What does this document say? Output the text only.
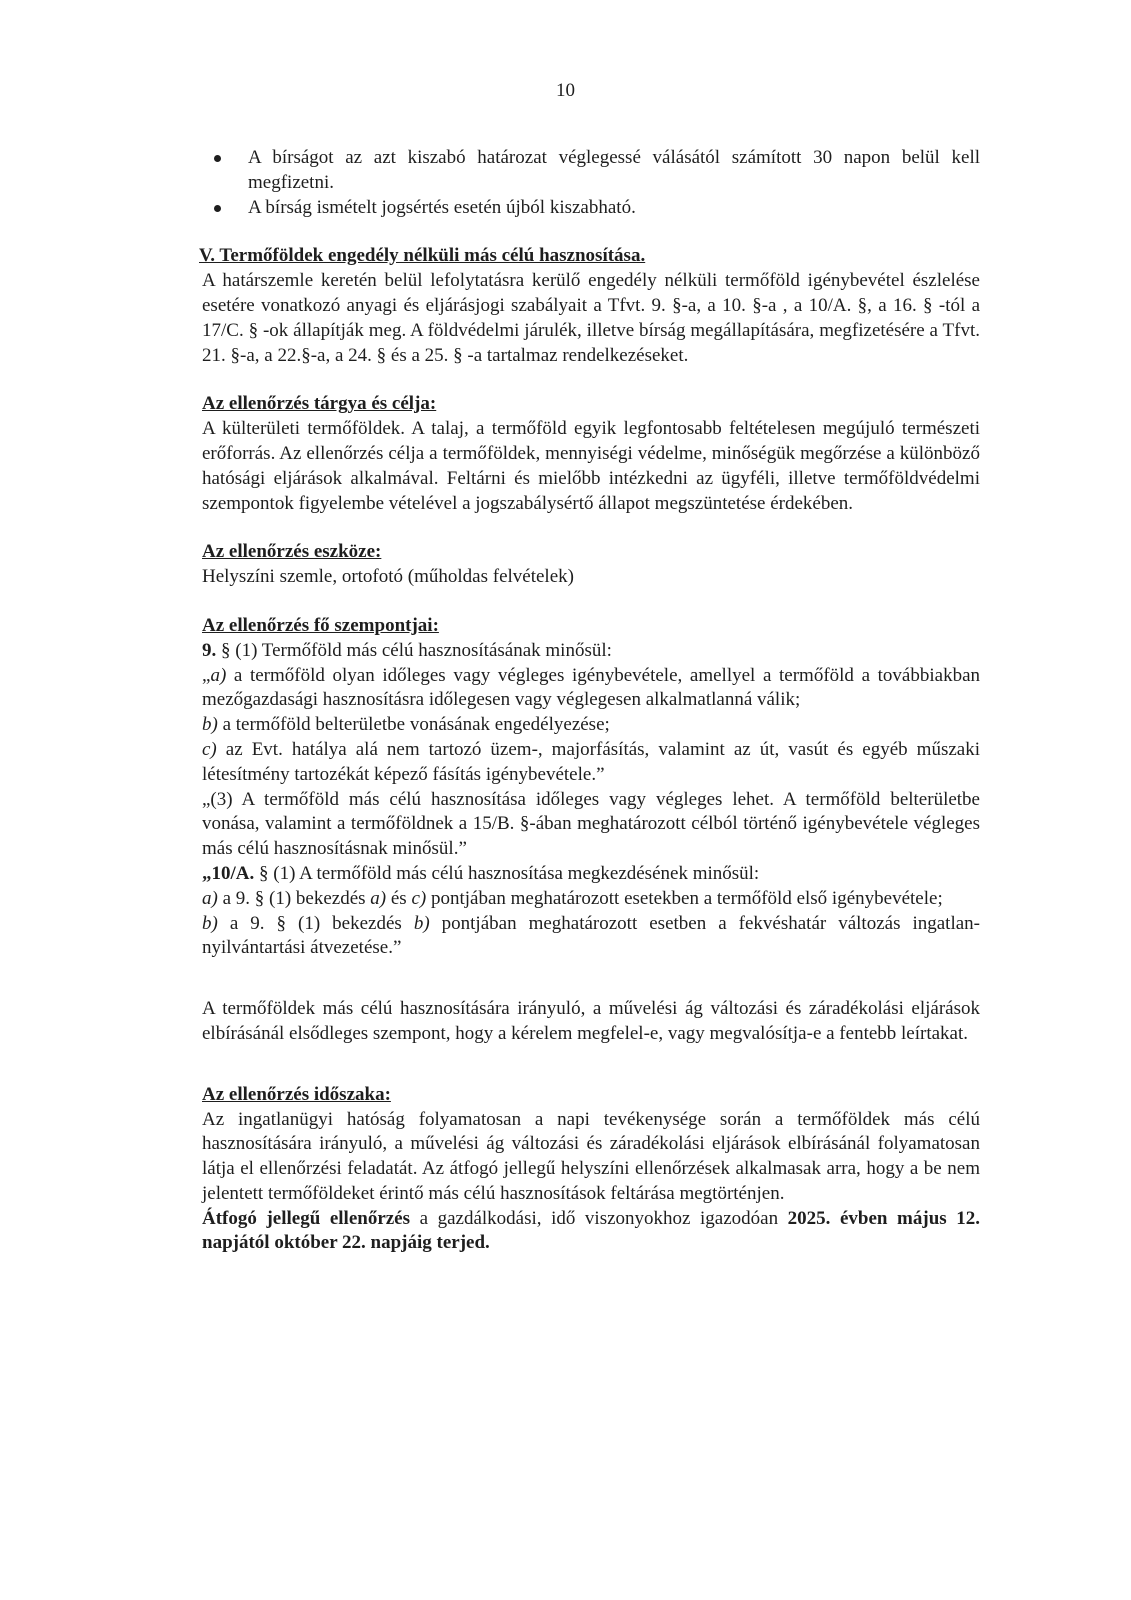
10
A bírságot az azt kiszabó határozat véglegessé válásától számított 30 napon belül kell megfizetni.
A bírság ismételt jogsértés esetén újból kiszabható.

V. Termőföldek engedély nélküli más célú hasznosítása.

A határszemle keretén belül lefolytatásra kerülő engedély nélküli termőföld igénybevétel észlelése esetére vonatkozó anyagi és eljárásjogi szabályait a Tfvt. 9. §-a, a 10. §-a , a 10/A. §, a 16. § -tól a 17/C. § -ok állapítják meg. A földvédelmi járulék, illetve bírság megállapítására, megfizetésére a Tfvt. 21. §-a, a 22.§-a, a 24. § és a 25. § -a tartalmaz rendelkezéseket.

Az ellenőrzés tárgya és célja:

A külterületi termőföldek. A talaj, a termőföld egyik legfontosabb feltételesen megújuló természeti erőforrás. Az ellenőrzés célja a termőföldek, mennyiségi védelme, minőségük megőrzése a különböző hatósági eljárások alkalmával. Feltárni és mielőbb intézkedni az ügyféli, illetve termőföldvédelmi szempontok figyelembe vételével a jogszabálysértő állapot megszüntetése érdekében.

Az ellenőrzés eszköze:

Helyszíni szemle, ortofotó (műholdas felvételek)

Az ellenőrzés fő szempontjai:

9. § (1) Termőföld más célú hasznosításának minősül:

„a) a termőföld olyan időleges vagy végleges igénybevétele, amellyel a termőföld a továbbiakban mezőgazdasági hasznosításra időlegesen vagy véglegesen alkalmatlanná válik;

b) a termőföld belterületbe vonásának engedélyezése;

c) az Evt. hatálya alá nem tartozó üzem-, majorfásítás, valamint az út, vasút és egyéb műszaki létesítmény tartozékát képező fásítás igénybevétele.”

„(3) A termőföld más célú hasznosítása időleges vagy végleges lehet. A termőföld belterületbe vonása, valamint a termőföldnek a 15/B. §-ában meghatározott célból történő igénybevétele végleges más célú hasznosításnak minősül.”

„10/A. § (1) A termőföld más célú hasznosítása megkezdésének minősül:

a) a 9. § (1) bekezdés a) és c) pontjában meghatározott esetekben a termőföld első igénybevétele;

b) a 9. § (1) bekezdés b) pontjában meghatározott esetben a fekvéshatár változás ingatlan-nyilvántartási átvezetése.”

A termőföldek más célú hasznosítására irányuló, a művelési ág változási és záradékolási eljárások elbírásánál elsődleges szempont, hogy a kérelem megfelel-e, vagy megvalósítja-e a fentebb leírtakat.

Az ellenőrzés időszaka:

Az ingatlanügyi hatóság folyamatosan a napi tevékenysége során a termőföldek más célú hasznosítására irányuló, a művelési ág változási és záradékolási eljárások elbírásánál folyamatosan látja el ellenőrzési feladatát. Az átfogó jellegű helyszíni ellenőrzések alkalmasak arra, hogy a be nem jelentett termőföldeket érintő más célú hasznosítások feltárása megtörténjen.

Átfogó jellegű ellenőrzés a gazdálkodási, idő viszonyokhoz igazodóan 2025. évben május 12. napjától október 22. napjáig terjed.
